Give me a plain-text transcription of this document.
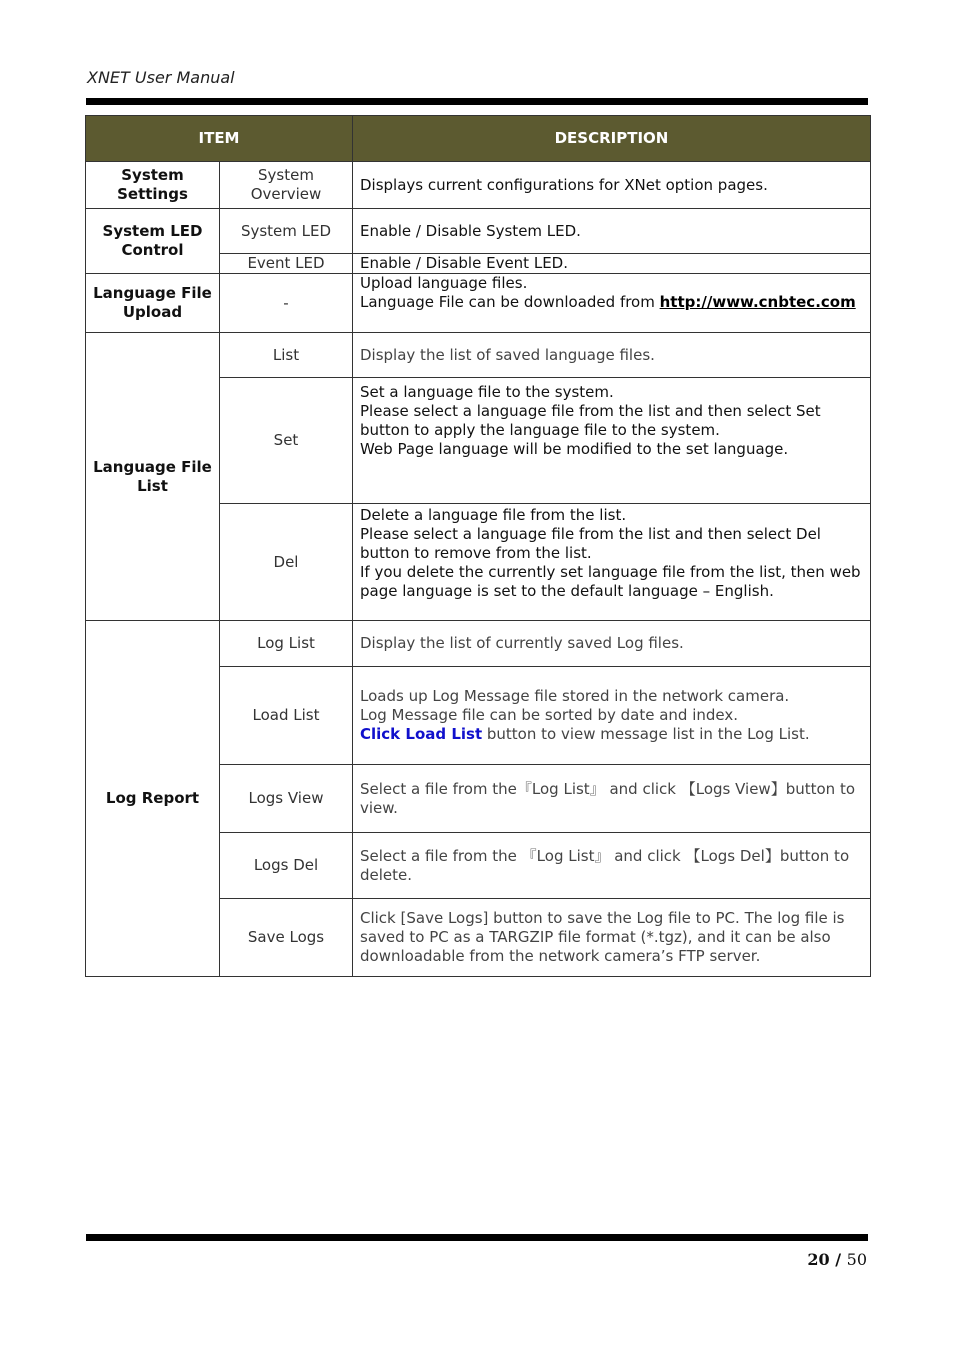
XNET User Manual
ITEM		DESCRIPTION
System Settings	System Overview	Displays current configurations for XNet option pages.
System LED Control	System LED	Enable / Disable System LED.
	Event LED	Enable / Disable Event LED.
Language File Upload	-	Upload language files.
Language File can be downloaded from http://www.cnbtec.com
Language File List	List	Display the list of saved language files.
	Set	Set a language file to the system.
Please select a language file from the list and then select Set button to apply the language file to the system.
Web Page language will be modified to the set language.

	Del	Delete a language file from the list.
Please select a language file from the list and then select Del button to remove from the list.
If you delete the currently set language file from the list, then web page language is set to the default language – English.

Log Report	Log List	Display the list of currently saved Log files.
	Load List	Loads up Log Message file stored in the network camera.
Log Message file can be sorted by date and index.
Click Load List button to view message list in the Log List.
	Logs View	Select a file from the『Log List』 and click 【Logs View】button to view.
	Logs Del	Select a file from the 『Log List』 and click 【Logs Del】button to delete.
	Save Logs	Click [Save Logs] button to save the Log file to PC. The log file is saved to PC as a TARGZIP file format (*.tgz), and it can be also downloadable from the network camera’s FTP server.
20 / 50
